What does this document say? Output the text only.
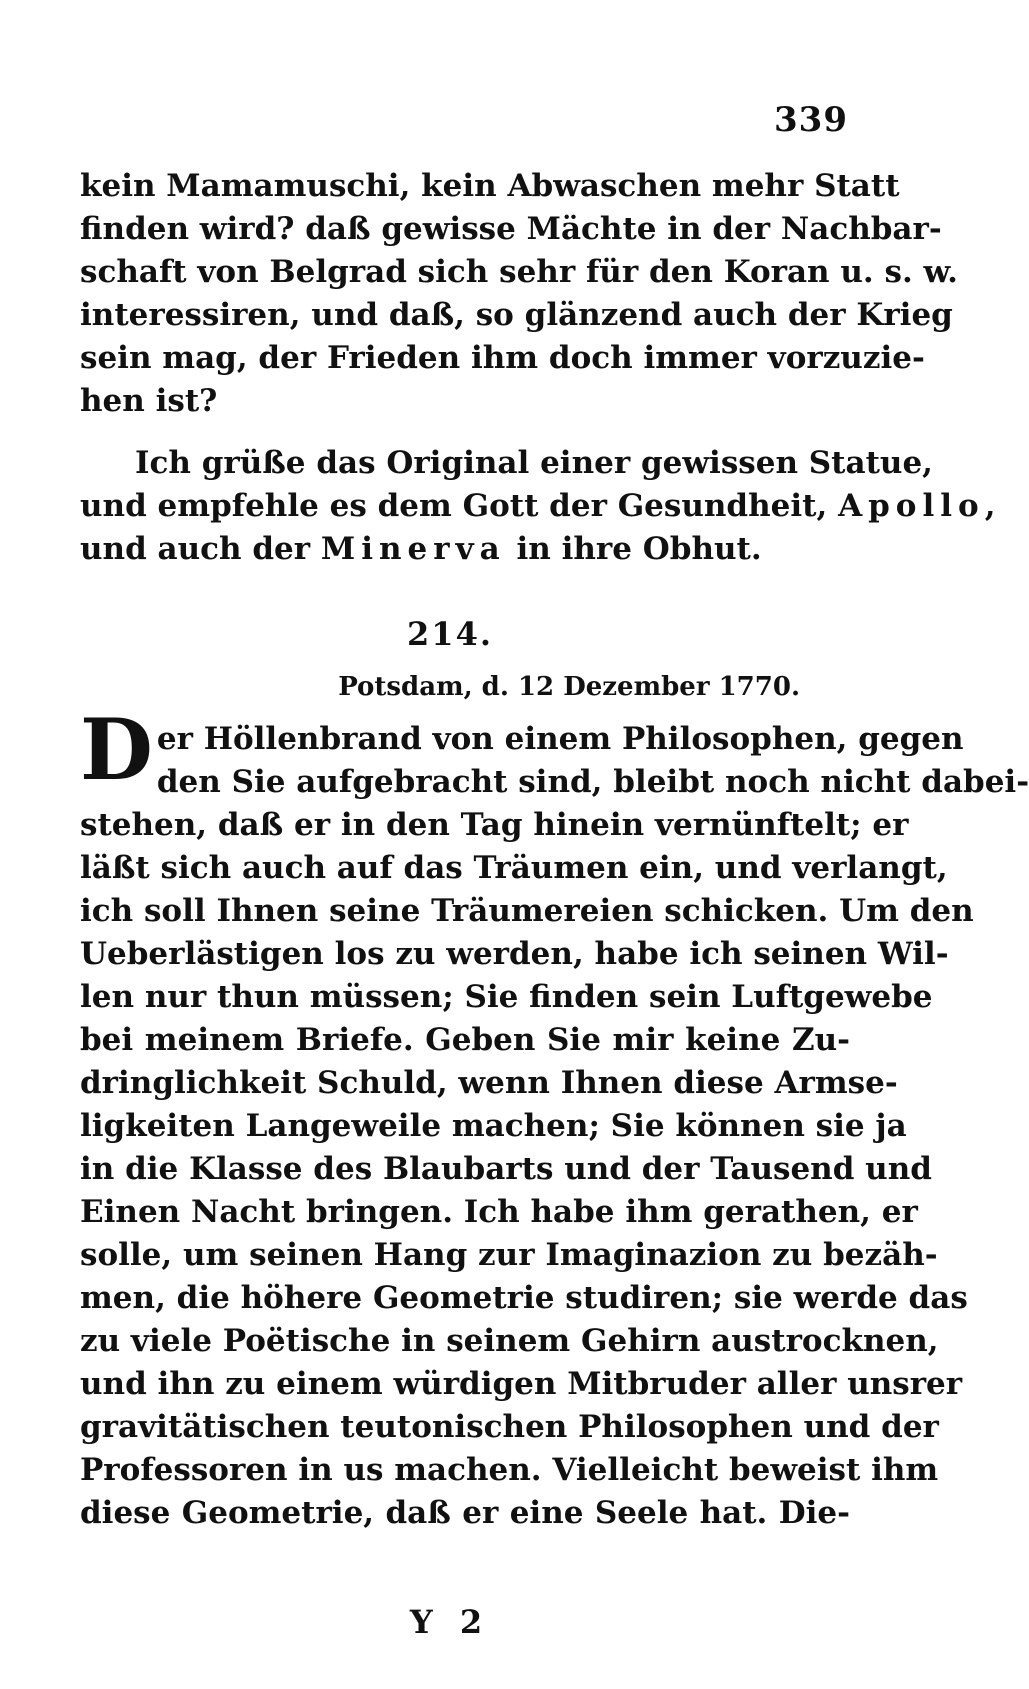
339
kein Mamamuschi, kein Abwaschen mehr Statt
finden wird? daß gewisse Mächte in der Nachbar-
schaft von Belgrad sich sehr für den Koran u. s. w.
interessiren, und daß, so glänzend auch der Krieg
sein mag, der Frieden ihm doch immer vorzuzie-
hen ist?
Ich grüße das Original einer gewissen Statue,
und empfehle es dem Gott der Gesundheit, Apollo,
und auch der Minerva in ihre Obhut.
214.
Potsdam, d. 12 Dezember 1770.
D er Höllenbrand von einem Philosophen, gegen
den Sie aufgebracht sind, bleibt noch nicht dabei-
stehen, daß er in den Tag hinein vernünftelt; er
läßt sich auch auf das Träumen ein, und verlangt,
ich soll Ihnen seine Träumereien schicken. Um den
Ueberlästigen los zu werden, habe ich seinen Wil-
len nur thun müssen; Sie finden sein Luftgewebe
bei meinem Briefe. Geben Sie mir keine Zu-
dringlichkeit Schuld, wenn Ihnen diese Armse-
ligkeiten Langeweile machen; Sie können sie ja
in die Klasse des Blaubarts und der Tausend und
Einen Nacht bringen. Ich habe ihm gerathen, er
solle, um seinen Hang zur Imaginazion zu bezäh-
men, die höhere Geometrie studiren; sie werde das
zu viele Poëtische in seinem Gehirn austrocknen,
und ihn zu einem würdigen Mitbruder aller unsrer
gravitätischen teutonischen Philosophen und der
Professoren in us machen. Vielleicht beweist ihm
diese Geometrie, daß er eine Seele hat. Die-
Y 2
